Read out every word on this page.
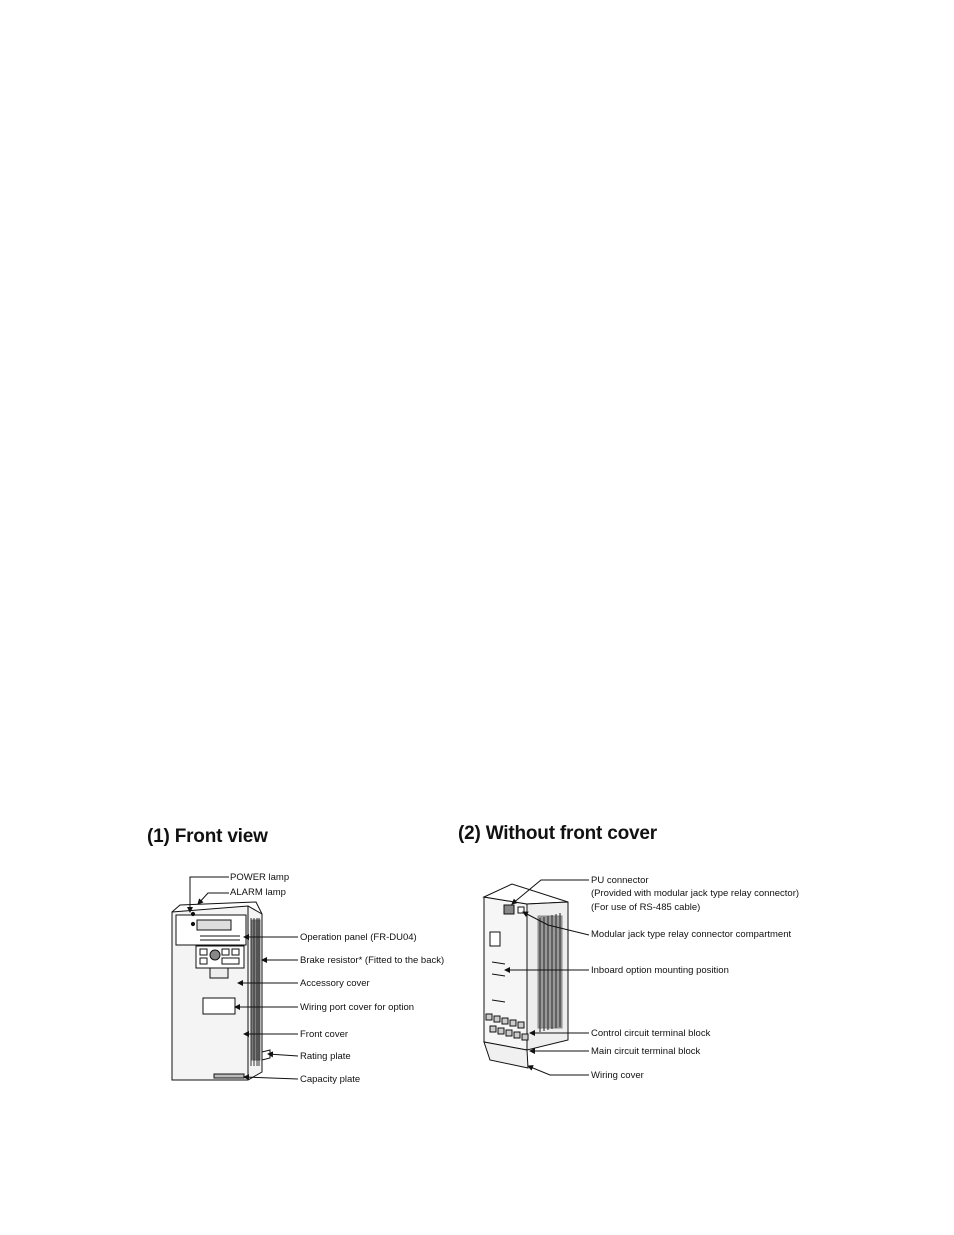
(1) Front view	(2) Without front cover
POWER lamp
ALARM lamp
Operation panel (FR-DU04)
Brake resistor* (Fitted to the back)
Accessory cover
Wiring port cover for option
Front cover
Rating plate
Capacity plate
PU connector
(Provided with modular jack type relay connector)
(For use of RS-485 cable)
Modular jack type relay connector compartment
Inboard option mounting position
Control circuit terminal block
Main circuit terminal block
Wiring cover
